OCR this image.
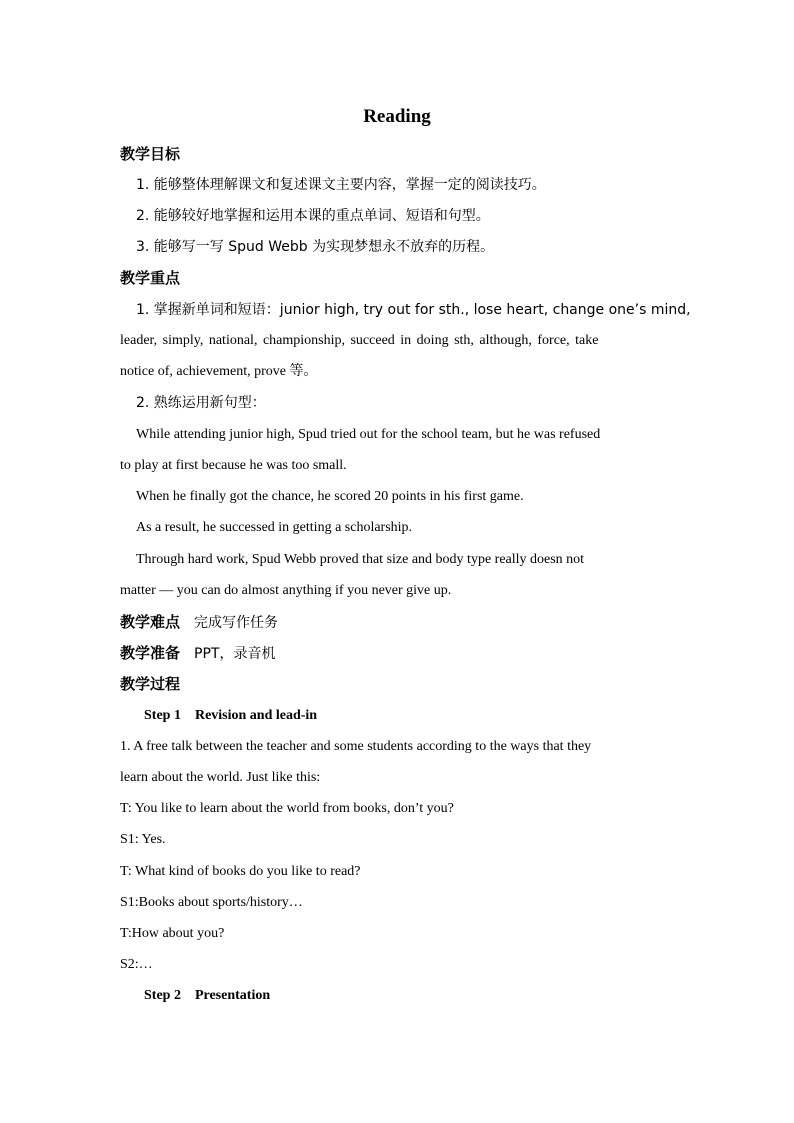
Reading
教学目标
1. 能够整体理解课文和复述课文主要内容，掌握一定的阅读技巧。
2. 能够较好地掌握和运用本课的重点单词、短语和句型。
3. 能够写一写 Spud Webb 为实现梦想永不放弃的历程。
教学重点
1. 掌握新单词和短语：junior high, try out for sth., lose heart, change one’s mind,
leader, simply, national, championship, succeed in doing sth, although, force, take
notice of, achievement, prove 等。
2. 熟练运用新句型：
While attending junior high, Spud tried out for the school team, but he was refused
to play at first because he was too small.
When he finally got the chance, he scored 20 points in his first game.
As a result, he successed in getting a scholarship.
Through hard work, Spud Webb proved that size and body type really doesn not
matter — you can do almost anything if you never give up.
教学难点 完成写作任务
教学准备 PPT，录音机
教学过程
Step 1 Revision and lead-in
1. A free talk between the teacher and some students according to the ways that they
learn about the world. Just like this:
T: You like to learn about the world from books, don’t you?
S1: Yes.
T: What kind of books do you like to read?
S1:Books about sports/history…
T:How about you?
S2:…
Step 2 Presentation
